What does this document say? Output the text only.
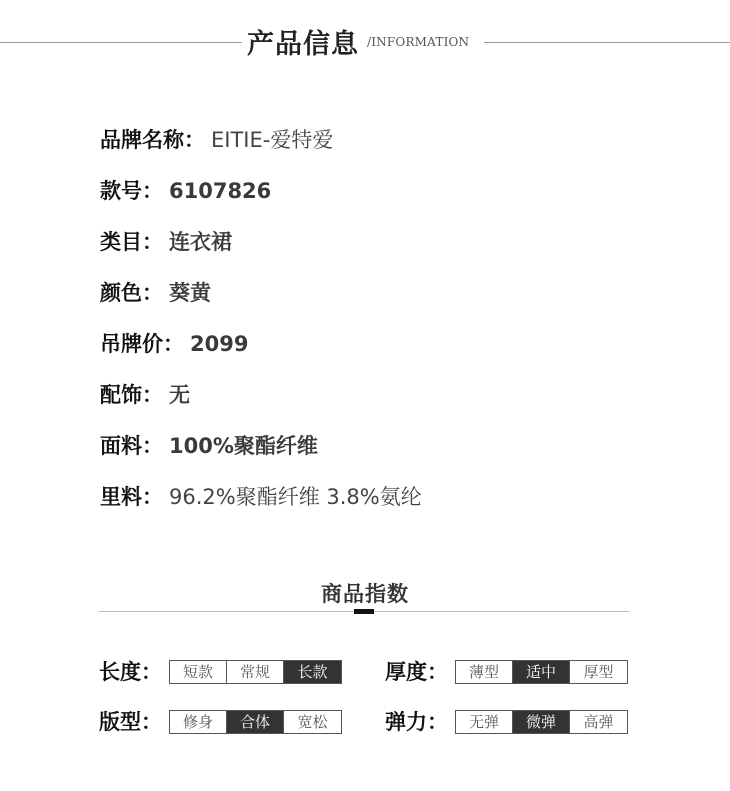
产品信息 /INFORMATION
品牌名称： EITIE-爱特爱
款号： 6107826
类目： 连衣裙
颜色： 葵黄
吊牌价： 2099
配饰： 无
面料： 100%聚酯纤维
里料： 96.2%聚酯纤维 3.8%氨纶
商品指数
长度：	短款	常规	长款	厚度：	薄型	适中	厚型
版型：	修身	合体	宽松	弹力：	无弹	微弹	高弹
